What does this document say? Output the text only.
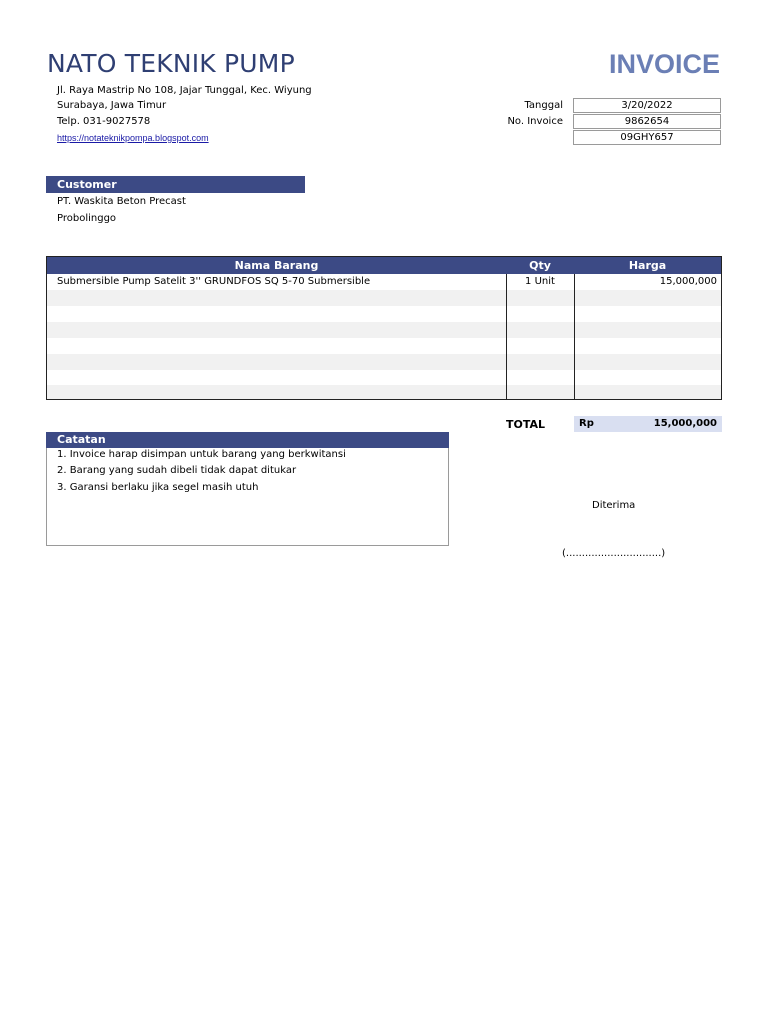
NATO TEKNIK PUMP	INVOICE
Jl. Raya Mastrip No 108, Jajar Tunggal, Kec. Wiyung
Surabaya, Jawa Timur
Telp. 031-9027578
https://notateknikpompa.blogspot.com
Tanggal	3/20/2022
No. Invoice	9862654
09GHY657
Customer
PT. Waskita Beton Precast
Probolinggo
Nama Barang	Qty	Harga
Submersible Pump Satelit 3'' GRUNDFOS SQ 5-70 Submersible	1 Unit	15,000,000
TOTAL	Rp	15,000,000
Catatan
1. Invoice harap disimpan untuk barang yang berkwitansi
2. Barang yang sudah dibeli tidak dapat ditukar
3. Garansi berlaku jika segel masih utuh
Diterima
(..............................)
